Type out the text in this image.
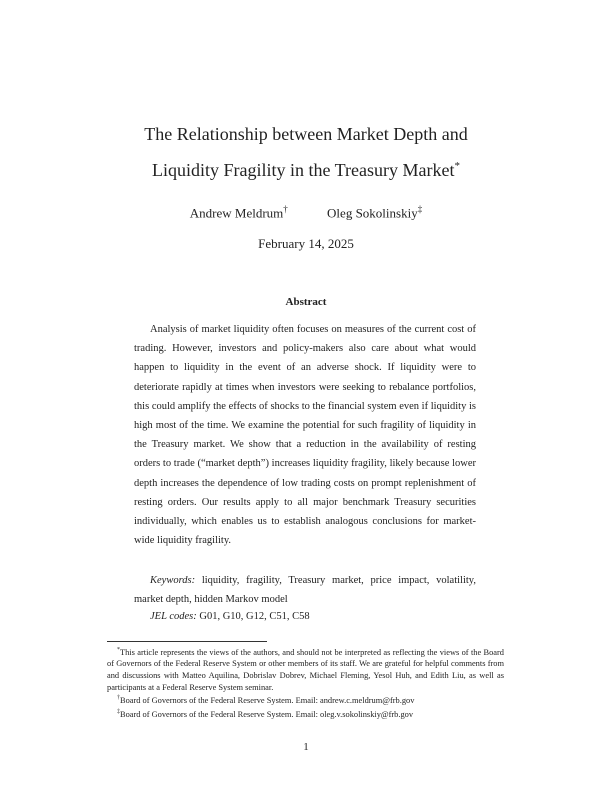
The Relationship between Market Depth and
Liquidity Fragility in the Treasury Market*
Andrew Meldrum†	Oleg Sokolinskiy‡
February 14, 2025
Abstract

Analysis of market liquidity often focuses on measures of the current cost of trading. However, investors and policy-makers also care about what would happen to liquidity in the event of an adverse shock. If liquidity were to deteriorate rapidly at times when investors were seeking to rebalance portfolios, this could amplify the effects of shocks to the financial system even if liquidity is high most of the time. We examine the potential for such fragility of liquidity in the Treasury market. We show that a reduction in the availability of resting orders to trade (“market depth”) increases liquidity fragility, likely because lower depth increases the dependence of low trading costs on prompt replenishment of resting orders. Our results apply to all major benchmark Treasury securities individually, which enables us to establish analogous conclusions for market-wide liquidity fragility.

Keywords: liquidity, fragility, Treasury market, price impact, volatility, market depth, hidden Markov model

JEL codes: G01, G10, G12, C51, C58

*This article represents the views of the authors, and should not be interpreted as reflecting the views of the Board of Governors of the Federal Reserve System or other members of its staff. We are grateful for helpful comments from and discussions with Matteo Aquilina, Dobrislav Dobrev, Michael Fleming, Yesol Huh, and Edith Liu, as well as participants at a Federal Reserve System seminar.

†Board of Governors of the Federal Reserve System. Email: andrew.c.meldrum@frb.gov

‡Board of Governors of the Federal Reserve System. Email: oleg.v.sokolinskiy@frb.gov

1
